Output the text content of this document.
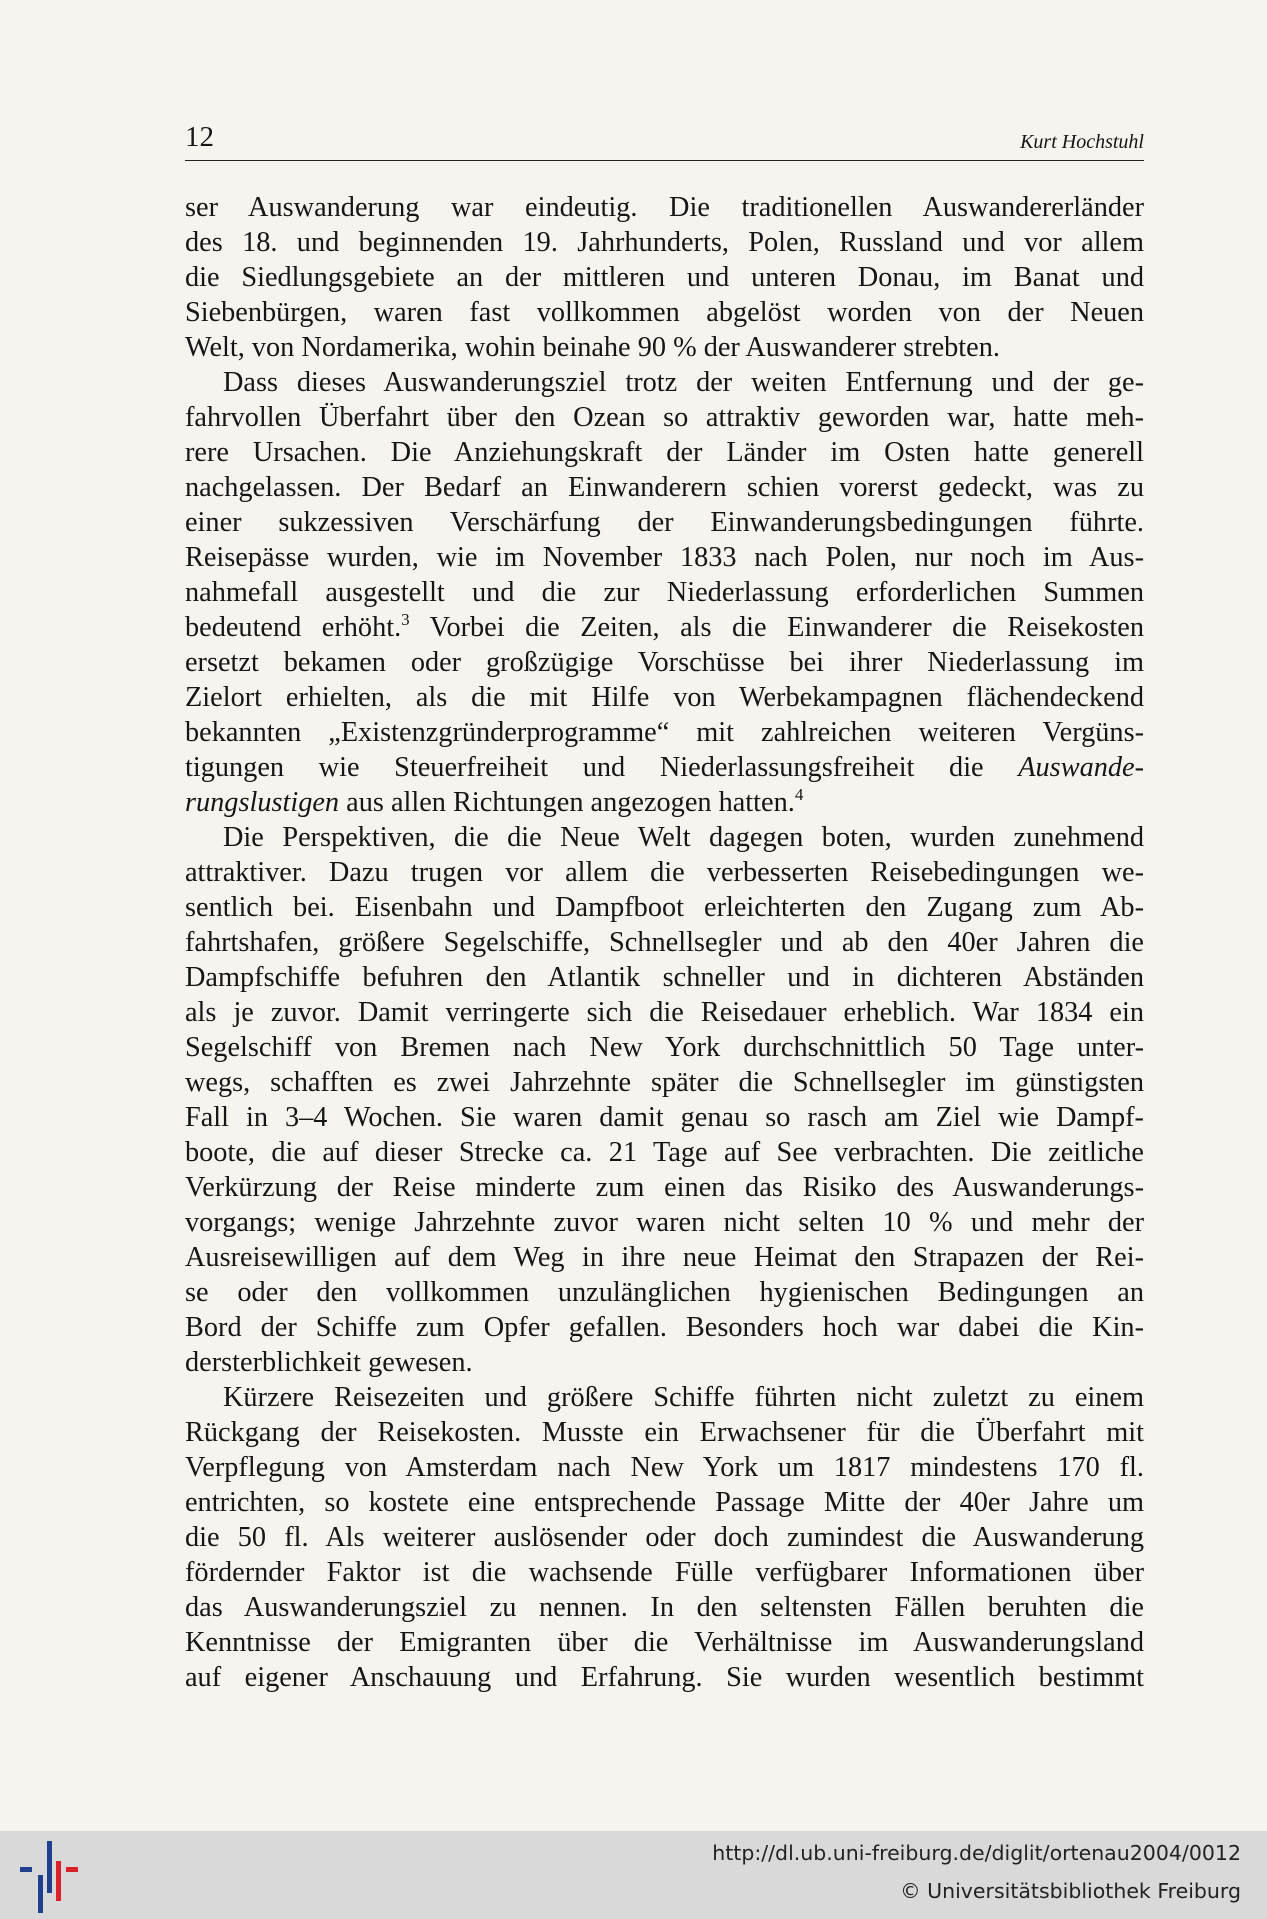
12	Kurt Hochstuhl
ser Auswanderung war eindeutig. Die traditionellen Auswandererländer
des 18. und beginnenden 19. Jahrhunderts, Polen, Russland und vor allem
die Siedlungsgebiete an der mittleren und unteren Donau, im Banat und
Siebenbürgen, waren fast vollkommen abgelöst worden von der Neuen
Welt, von Nordamerika, wohin beinahe 90 % der Auswanderer strebten.
Dass dieses Auswanderungsziel trotz der weiten Entfernung und der ge-
fahrvollen Überfahrt über den Ozean so attraktiv geworden war, hatte meh-
rere Ursachen. Die Anziehungskraft der Länder im Osten hatte generell
nachgelassen. Der Bedarf an Einwanderern schien vorerst gedeckt, was zu
einer sukzessiven Verschärfung der Einwanderungsbedingungen führte.
Reisepässe wurden, wie im November 1833 nach Polen, nur noch im Aus-
nahmefall ausgestellt und die zur Niederlassung erforderlichen Summen
bedeutend erhöht.$^3$ Vorbei die Zeiten, als die Einwanderer die Reisekosten
ersetzt bekamen oder großzügige Vorschüsse bei ihrer Niederlassung im
Zielort erhielten, als die mit Hilfe von Werbekampagnen flächendeckend
bekannten „Existenzgründerprogramme“ mit zahlreichen weiteren Vergüns-
tigungen wie Steuerfreiheit und Niederlassungsfreiheit die Auswande-
rungslustigen aus allen Richtungen angezogen hatten.$^4$
Die Perspektiven, die die Neue Welt dagegen boten, wurden zunehmend
attraktiver. Dazu trugen vor allem die verbesserten Reisebedingungen we-
sentlich bei. Eisenbahn und Dampfboot erleichterten den Zugang zum Ab-
fahrtshafen, größere Segelschiffe, Schnellsegler und ab den 40er Jahren die
Dampfschiffe befuhren den Atlantik schneller und in dichteren Abständen
als je zuvor. Damit verringerte sich die Reisedauer erheblich. War 1834 ein
Segelschiff von Bremen nach New York durchschnittlich 50 Tage unter-
wegs, schafften es zwei Jahrzehnte später die Schnellsegler im günstigsten
Fall in 3–4 Wochen. Sie waren damit genau so rasch am Ziel wie Dampf-
boote, die auf dieser Strecke ca. 21 Tage auf See verbrachten. Die zeitliche
Verkürzung der Reise minderte zum einen das Risiko des Auswanderungs-
vorgangs; wenige Jahrzehnte zuvor waren nicht selten 10 % und mehr der
Ausreisewilligen auf dem Weg in ihre neue Heimat den Strapazen der Rei-
se oder den vollkommen unzulänglichen hygienischen Bedingungen an
Bord der Schiffe zum Opfer gefallen. Besonders hoch war dabei die Kin-
dersterblichkeit gewesen.
Kürzere Reisezeiten und größere Schiffe führten nicht zuletzt zu einem
Rückgang der Reisekosten. Musste ein Erwachsener für die Überfahrt mit
Verpflegung von Amsterdam nach New York um 1817 mindestens 170 fl.
entrichten, so kostete eine entsprechende Passage Mitte der 40er Jahre um
die 50 fl. Als weiterer auslösender oder doch zumindest die Auswanderung
fördernder Faktor ist die wachsende Fülle verfügbarer Informationen über
das Auswanderungsziel zu nennen. In den seltensten Fällen beruhten die
Kenntnisse der Emigranten über die Verhältnisse im Auswanderungsland
auf eigener Anschauung und Erfahrung. Sie wurden wesentlich bestimmt
http://dl.ub.uni-freiburg.de/diglit/ortenau2004/0012
© Universitätsbibliothek Freiburg
